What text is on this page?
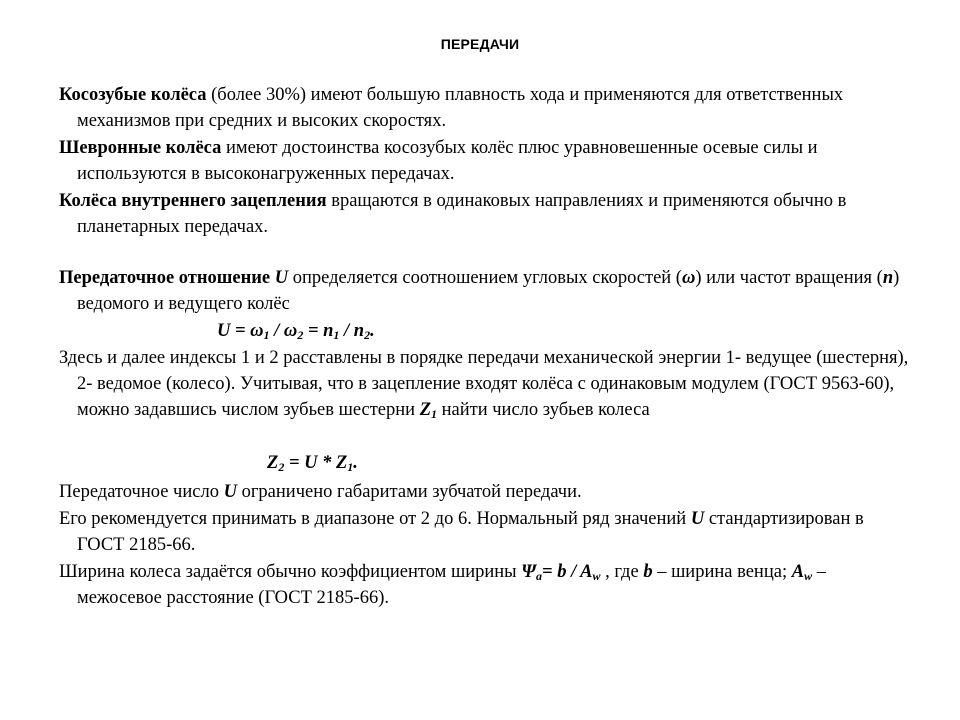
ПЕРЕДАЧИ

Косозубые колёса (более 30%) имеют большую плавность хода и применяются для ответственных механизмов при средних и высоких скоростях.

Шевронные колёса имеют достоинства косозубых колёс плюс уравновешенные осевые силы и используются в высоконагруженных передачах.

Колёса внутреннего зацепления вращаются в одинаковых направлениях и применяются обычно в планетарных передачах.

Передаточное отношение U определяется соотношением угловых скоростей (ω) или частот вращения (n) ведомого и ведущего колёс

$U = \omega_1 / \omega_2 = n_1 / n_2$.

Здесь и далее индексы 1 и 2 расставлены в порядке передачи механической энергии 1- ведущее (шестерня), 2- ведомое (колесо). Учитывая, что в зацепление входят колёса с одинаковым модулем (ГОСТ 9563-60), можно задавшись числом зубьев шестерни $Z_1$ найти число зубьев колеса

$Z_2 = U * Z_1$.

Передаточное число U ограничено габаритами зубчатой передачи.

Его рекомендуется принимать в диапазоне от 2 до 6. Нормальный ряд значений U стандартизирован в ГОСТ 2185-66.

Ширина колеса задаётся обычно коэффициентом ширины $\Psi_a= b / A_w$ , где b – ширина венца; $A_w$ – межосевое расстояние (ГОСТ 2185-66).
